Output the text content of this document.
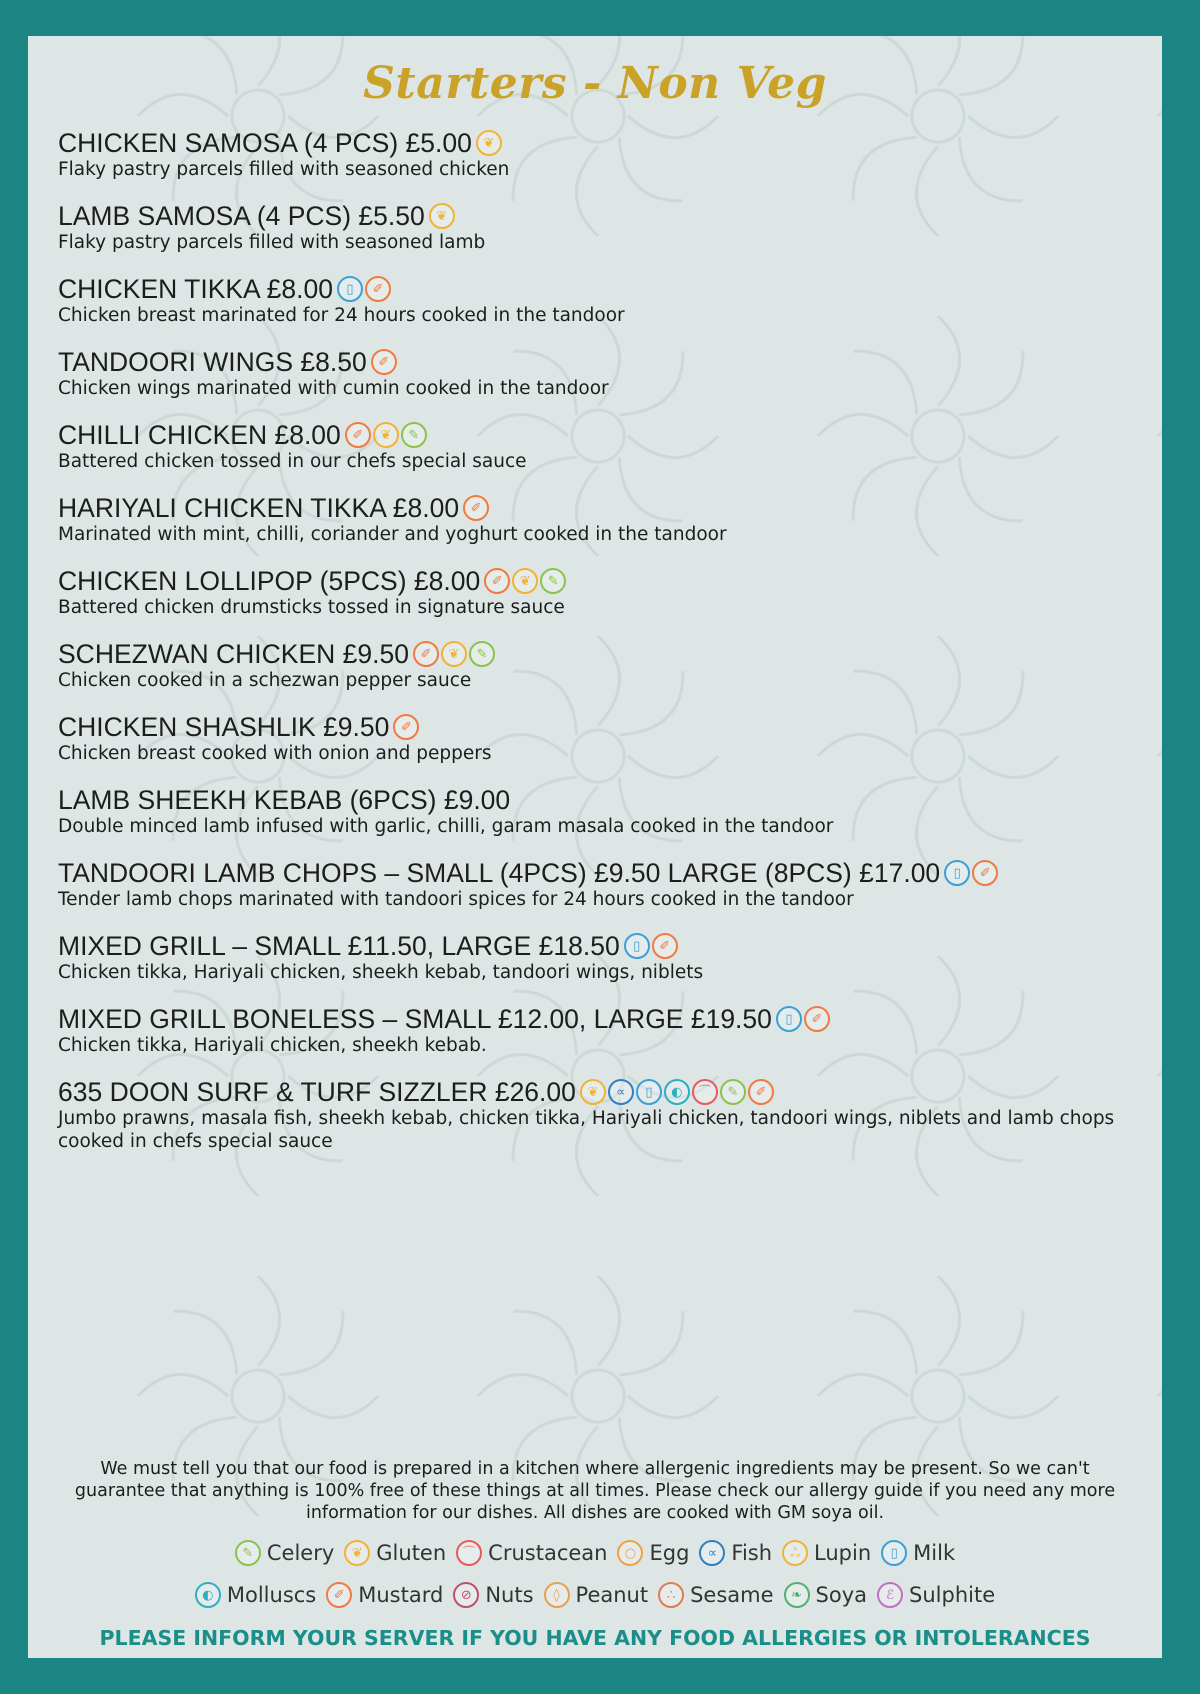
Starters - Non Veg
CHICKEN SAMOSA (4 PCS) £5.00 ❦
Flaky pastry parcels filled with seasoned chicken
LAMB SAMOSA (4 PCS) £5.50 ❦
Flaky pastry parcels filled with seasoned lamb
CHICKEN TIKKA £8.00	▯	✐
Chicken breast marinated for 24 hours cooked in the tandoor
TANDOORI WINGS £8.50 ✐
Chicken wings marinated with cumin cooked in the tandoor
CHILLI CHICKEN £8.00 ✐	❦	✎
Battered chicken tossed in our chefs special sauce
HARIYALI CHICKEN TIKKA £8.00 ✐
Marinated with mint, chilli, coriander and yoghurt cooked in the tandoor
CHICKEN LOLLIPOP (5PCS) £8.00 ✐	❦	✎
Battered chicken drumsticks tossed in signature sauce
SCHEZWAN CHICKEN £9.50 ✐	❦	✎
Chicken cooked in a schezwan pepper sauce
CHICKEN SHASHLIK £9.50 ✐
Chicken breast cooked with onion and peppers
LAMB SHEEKH KEBAB (6PCS) £9.00
Double minced lamb infused with garlic, chilli, garam masala cooked in the tandoor
TANDOORI LAMB CHOPS – SMALL (4PCS) £9.50 LARGE (8PCS) £17.00	▯	✐
Tender lamb chops marinated with tandoori spices for 24 hours cooked in the tandoor
MIXED GRILL – SMALL £11.50, LARGE £18.50	▯	✐
Chicken tikka, Hariyali chicken, sheekh kebab, tandoori wings, niblets
MIXED GRILL BONELESS – SMALL £12.00, LARGE £19.50	▯	✐
Chicken tikka, Hariyali chicken, sheekh kebab.
635 DOON SURF & TURF SIZZLER £26.00 ❦	∝	▯	◐	⌒	✎	✐
Jumbo prawns, masala fish, sheekh kebab, chicken tikka, Hariyali chicken, tandoori wings, niblets and lamb chops cooked in chefs special sauce
We must tell you that our food is prepared in a kitchen where allergenic ingredients may be present. So we can't guarantee that anything is 100% free of these things at all times. Please check our allergy guide if you need any more information for our dishes. All dishes are cooked with GM soya oil.
✎ Celery	❦ Gluten	⌒ Crustacean	○ Egg	∝ Fish	ஃ Lupin	▯ Milk
◐ Molluscs	✐ Mustard	⊘ Nuts	◊ Peanut	∴ Sesame	❧ Soya	ℰ Sulphite
PLEASE INFORM YOUR SERVER IF YOU HAVE ANY FOOD ALLERGIES OR INTOLERANCES
